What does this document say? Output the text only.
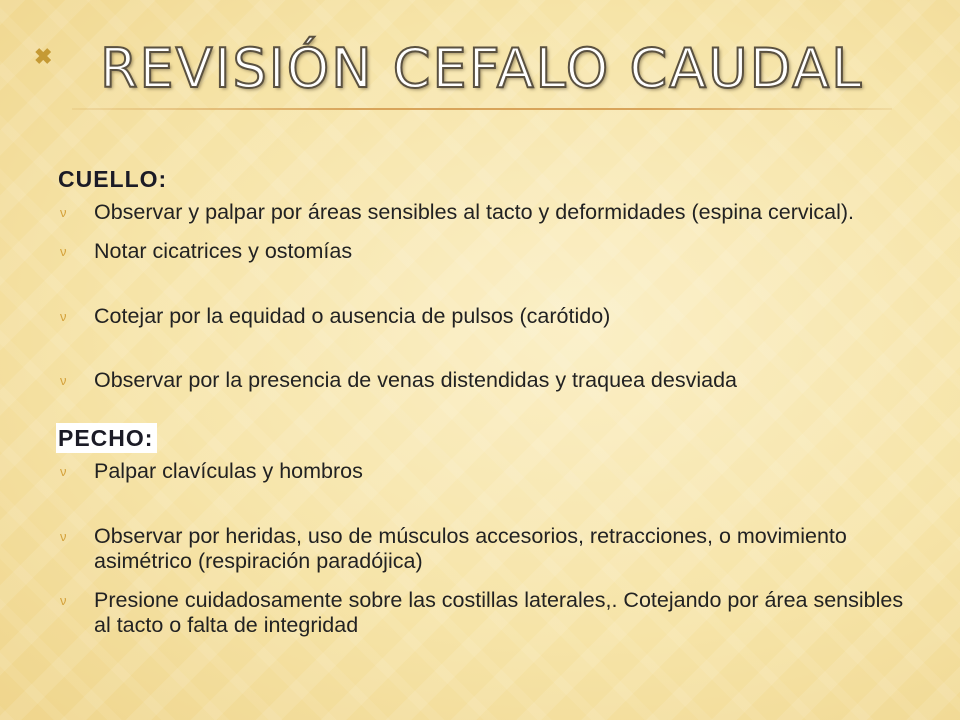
✖ REVISIÓN CEFALO CAUDAL
CUELLO:
ν	Observar y palpar por áreas sensibles al tacto y deformidades (espina cervical).
ν	Notar cicatrices y ostomías
ν	Cotejar por la equidad o ausencia de pulsos (carótido)
ν	Observar por la presencia de venas distendidas y traquea desviada
PECHO:
ν	Palpar clavículas y hombros
ν	Observar por heridas, uso de músculos accesorios, retracciones, o movimiento asimétrico (respiración paradójica)
ν	Presione cuidadosamente sobre las costillas laterales,. Cotejando por área sensibles al tacto o falta de integridad
